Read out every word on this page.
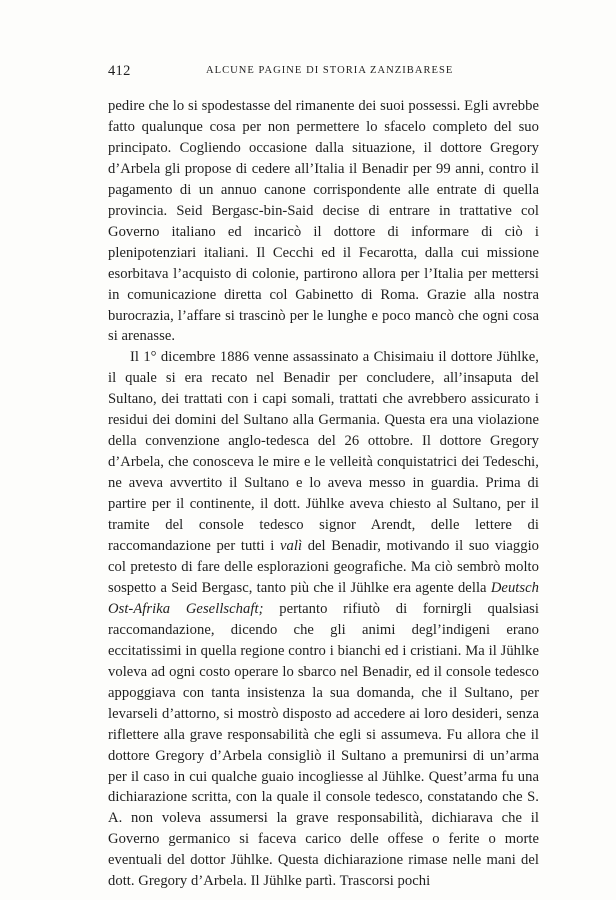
412	ALCUNE PAGINE DI STORIA ZANZIBARESE

pedire che lo si spodestasse del rimanente dei suoi possessi. Egli avrebbe fatto qualunque cosa per non permettere lo sfacelo completo del suo principato. Cogliendo occasione dalla situazione, il dottore Gregory d’Arbela gli propose di cedere all’Italia il Benadir per 99 anni, contro il pagamento di un annuo canone corrispondente alle entrate di quella provincia. Seid Bergasc-bin-Said decise di entrare in trattative col Governo italiano ed incaricò il dottore di informare di ciò i plenipotenziari italiani. Il Cecchi ed il Fecarotta, dalla cui missione esorbitava l’acquisto di colonie, partirono allora per l’Italia per mettersi in comunicazione diretta col Gabinetto di Roma. Grazie alla nostra burocrazia, l’affare si trascinò per le lunghe e poco mancò che ogni cosa si arenasse.

Il 1° dicembre 1886 venne assassinato a Chisimaiu il dottore Jühlke, il quale si era recato nel Benadir per concludere, all’insaputa del Sultano, dei trattati con i capi somali, trattati che avrebbero assicurato i residui dei domini del Sultano alla Germania. Questa era una violazione della convenzione anglo-tedesca del 26 ottobre. Il dottore Gregory d’Arbela, che conosceva le mire e le velleità conquistatrici dei Tedeschi, ne aveva avvertito il Sultano e lo aveva messo in guardia. Prima di partire per il continente, il dott. Jühlke aveva chiesto al Sultano, per il tramite del console tedesco signor Arendt, delle lettere di raccomandazione per tutti i valì del Benadir, motivando il suo viaggio col pretesto di fare delle esplorazioni geografiche. Ma ciò sembrò molto sospetto a Seid Bergasc, tanto più che il Jühlke era agente della Deutsch Ost-Afrika Gesellschaft; pertanto rifiutò di fornirgli qualsiasi raccomandazione, dicendo che gli animi degl’indigeni erano eccitatissimi in quella regione contro i bianchi ed i cristiani. Ma il Jühlke voleva ad ogni costo operare lo sbarco nel Benadir, ed il console tedesco appoggiava con tanta insistenza la sua domanda, che il Sultano, per levarseli d’attorno, si mostrò disposto ad accedere ai loro desideri, senza riflettere alla grave responsabilità che egli si assumeva. Fu allora che il dottore Gregory d’Arbela consigliò il Sultano a premunirsi di un’arma per il caso in cui qualche guaio incogliesse al Jühlke. Quest’arma fu una dichiarazione scritta, con la quale il console tedesco, constatando che S. A. non voleva assumersi la grave responsabilità, dichiarava che il Governo germanico si faceva carico delle offese o ferite o morte eventuali del dottor Jühlke. Questa dichiarazione rimase nelle mani del dott. Gregory d’Arbela. Il Jühlke partì. Trascorsi pochi
